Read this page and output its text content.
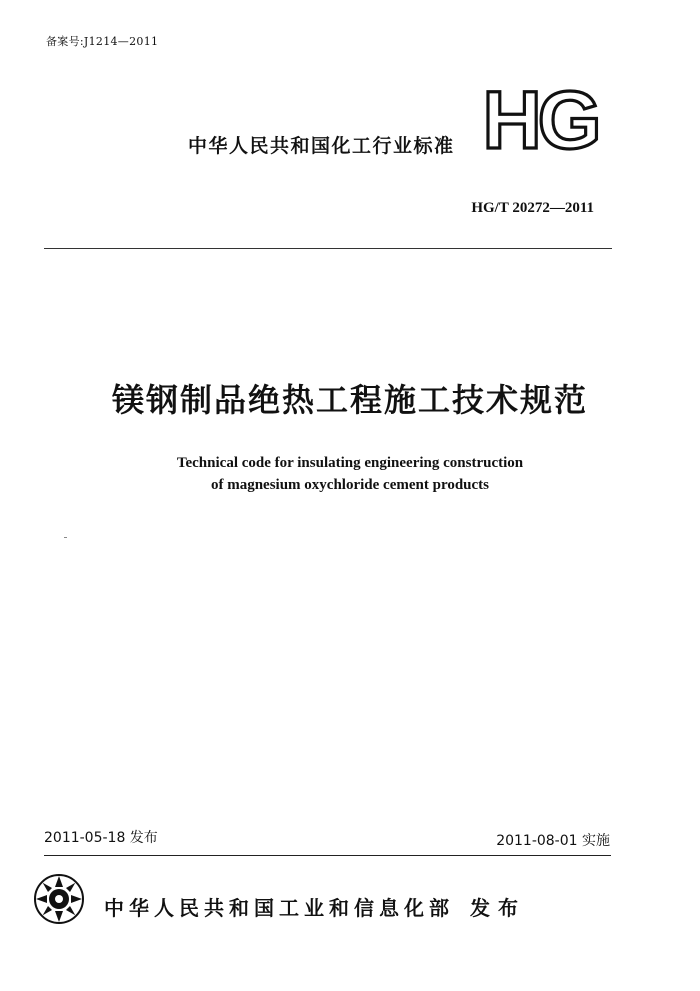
备案号:J1214—2011
中华人民共和国化工行业标准 HG
HG/T 20272—2011
镁钢制品绝热工程施工技术规范
Technical code for insulating engineering construction
of magnesium oxychloride cement products
2011-05-18 发布	2011-08-01 实施
中华人民共和国工业和信息化部 发布
